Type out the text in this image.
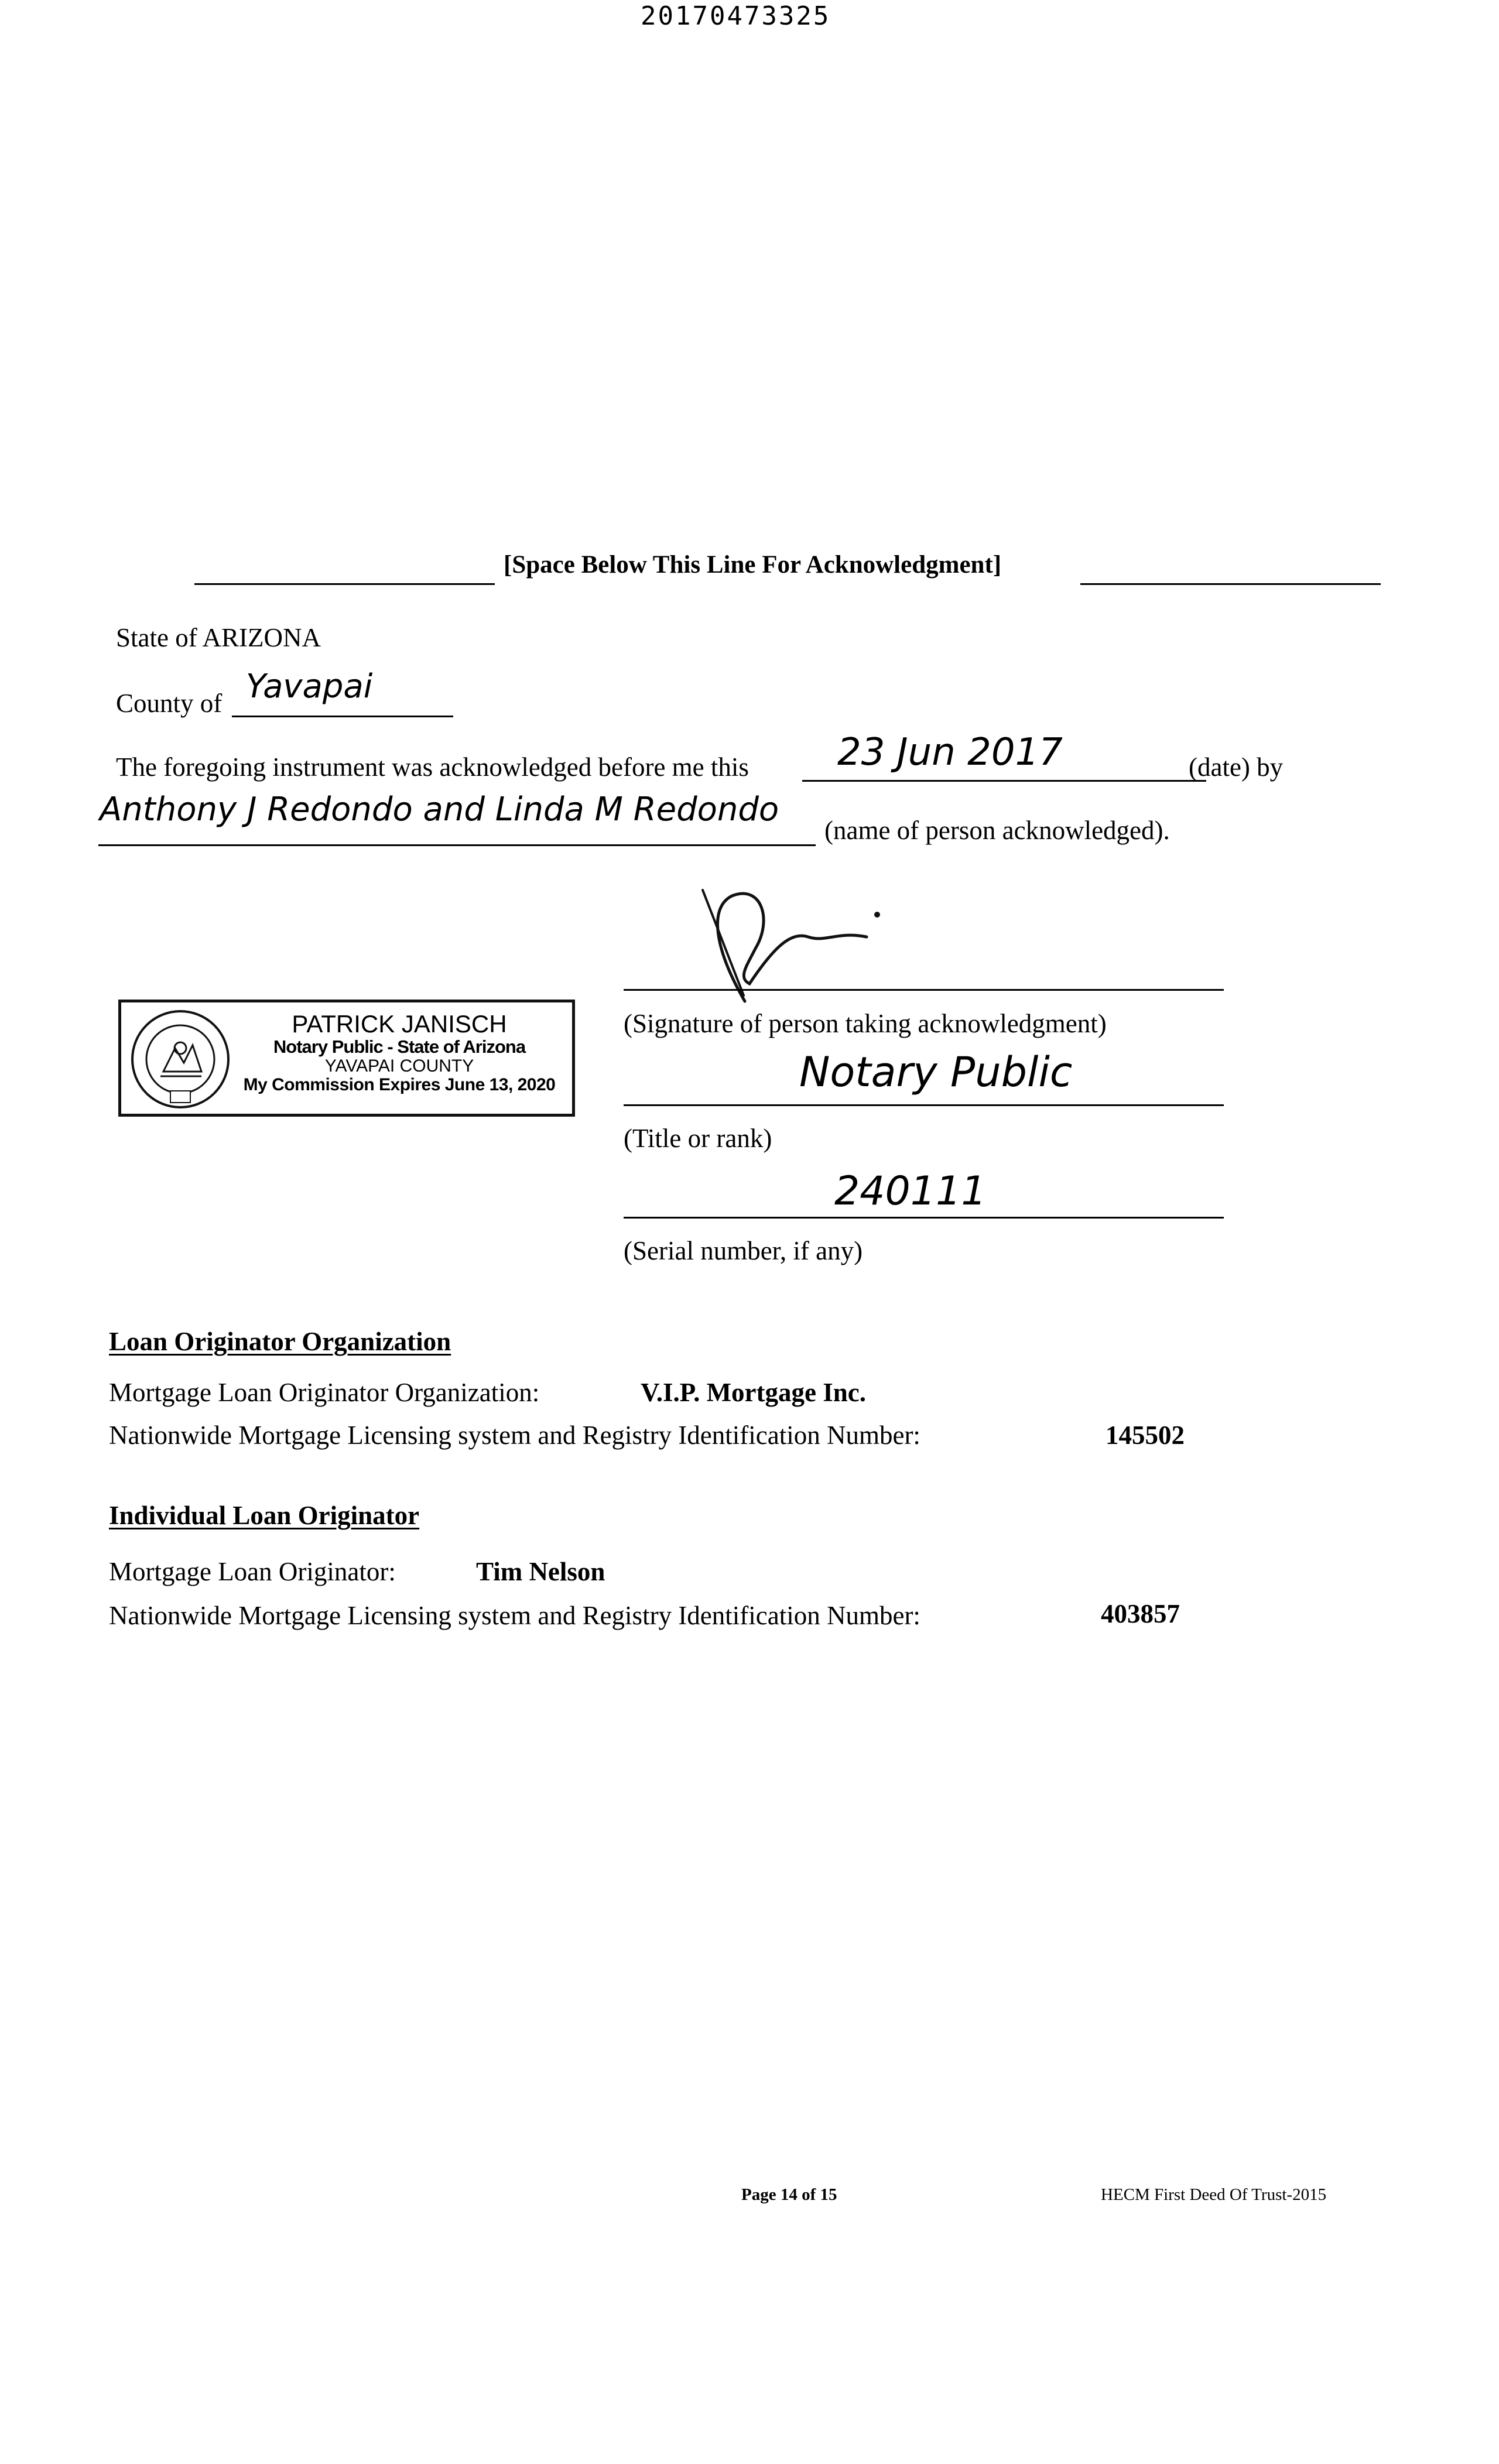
20170473325
[Space Below This Line For Acknowledgment]
State of ARIZONA
County of Yavapai
The foregoing instrument was acknowledged before me this 23 Jun 2017	(date) by
Anthony J Redondo and Linda M Redondo
(name of person acknowledged).
(Signature of person taking acknowledgment)
Notary Public
(Title or rank)
240111
(Serial number, if any)
PATRICK JANISCH
Notary Public - State of Arizona
YAVAPAI COUNTY
My Commission Expires June 13, 2020
Loan Originator Organization
Mortgage Loan Originator Organization:	V.I.P. Mortgage Inc.
Nationwide Mortgage Licensing system and Registry Identification Number:	145502
Individual Loan Originator
Mortgage Loan Originator:	Tim Nelson
Nationwide Mortgage Licensing system and Registry Identification Number:	403857
Page 14 of 15	HECM First Deed Of Trust-2015
